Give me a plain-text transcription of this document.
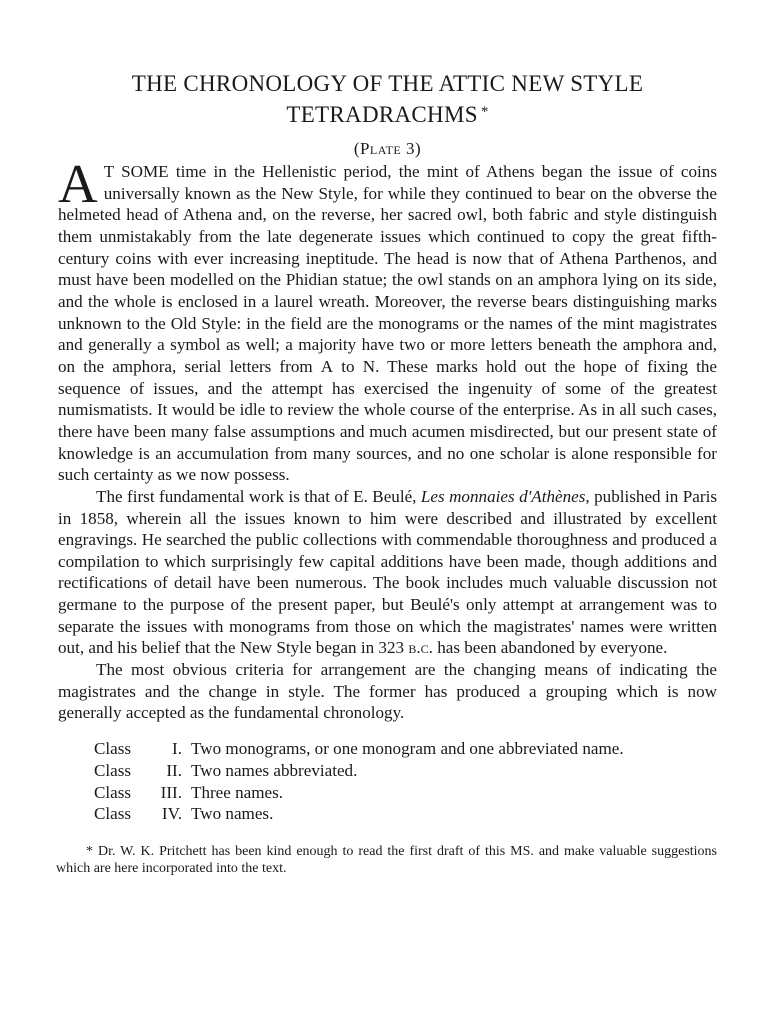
THE CHRONOLOGY OF THE ATTIC NEW STYLE
TETRADRACHMS *
(Plate 3)

A T SOME time in the Hellenistic period, the mint of Athens began the issue of coins universally known as the New Style, for while they continued to bear on the obverse the helmeted head of Athena and, on the reverse, her sacred owl, both fabric and style distinguish them unmistakably from the late degenerate issues which continued to copy the great fifth-century coins with ever increasing ineptitude. The head is now that of Athena Parthenos, and must have been modelled on the Phidian statue; the owl stands on an amphora lying on its side, and the whole is enclosed in a laurel wreath. Moreover, the reverse bears distinguishing marks unknown to the Old Style: in the field are the monograms or the names of the mint magistrates and generally a symbol as well; a majority have two or more letters beneath the amphora and, on the amphora, serial letters from A to N. These marks hold out the hope of fixing the sequence of issues, and the attempt has exercised the ingenuity of some of the greatest numismatists. It would be idle to review the whole course of the enterprise. As in all such cases, there have been many false assumptions and much acumen misdirected, but our present state of knowledge is an accumulation from many sources, and no one scholar is alone responsible for such certainty as we now possess.

The first fundamental work is that of E. Beulé, Les monnaies d'Athènes, published in Paris in 1858, wherein all the issues known to him were described and illustrated by excellent engravings. He searched the public collections with commendable thoroughness and produced a compilation to which surprisingly few capital additions have been made, though additions and rectifications of detail have been numerous. The book includes much valuable discussion not germane to the purpose of the present paper, but Beulé's only attempt at arrangement was to separate the issues with monograms from those on which the magistrates' names were written out, and his belief that the New Style began in 323 b.c. has been abandoned by everyone.

The most obvious criteria for arrangement are the changing means of indicating the magistrates and the change in style. The former has produced a grouping which is now generally accepted as the fundamental chronology.

Class	I. Two monograms, or one monogram and one abbreviated name.
Class	II. Two names abbreviated.
Class	III. Three names.
Class	IV. Two names.

* Dr. W. K. Pritchett has been kind enough to read the first draft of this MS. and make valuable suggestions which are here incorporated into the text.
